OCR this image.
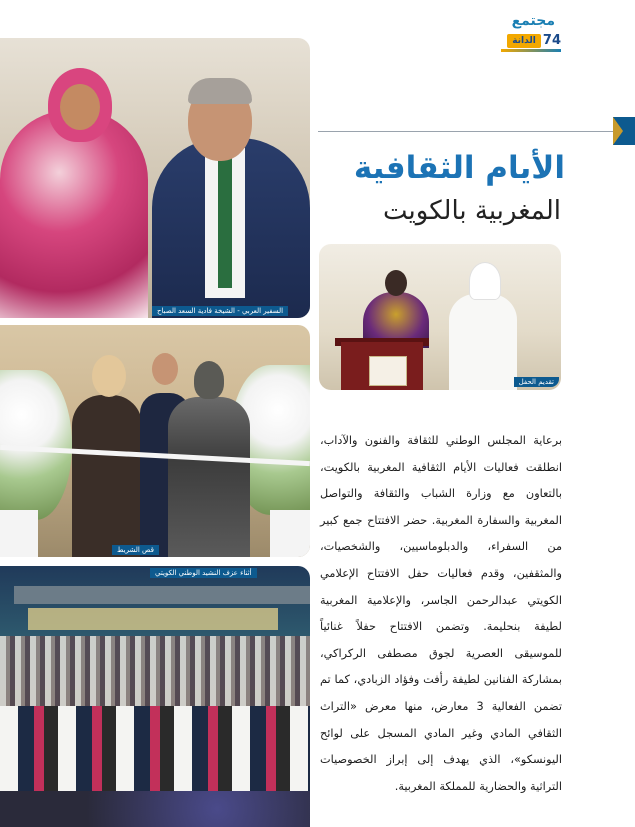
مجتمع
الدانة 74
الأيام الثقافية
المغربية بالكويت
السفير العربي - الشيخة فادية السعد الصباح
تقديم الحفل
قص الشريط
أثناء عزف النشيد الوطني الكويتي

برعاية المجلس الوطني للثقافة والفنون والآداب، انطلقت فعاليات الأيام الثقافية المغربية بالكويت، بالتعاون مع وزارة الشباب والثقافة والتواصل المغربية والسفارة المغربية. حضر الافتتاح جمع كبير من السفراء، والدبلوماسيين، والشخصيات، والمثقفين، وقدم فعاليات حفل الافتتاح الإعلامي الكويتي عبدالرحمن الجاسر، والإعلامية المغربية لطيفة بنحليمة. وتضمن الافتتاح حفلاً غنائياً للموسيقى العصرية لجوق مصطفى الركراكي، بمشاركة الفنانين لطيفة رأفت وفؤاد الزبادي، كما تم تضمن الفعالية 3 معارض، منها معرض «التراث الثقافي المادي وغير المادي المسجل على لوائح اليونسكو»، الذي يهدف إلى إبراز الخصوصيات التراثية والحضارية للمملكة المغربية.
